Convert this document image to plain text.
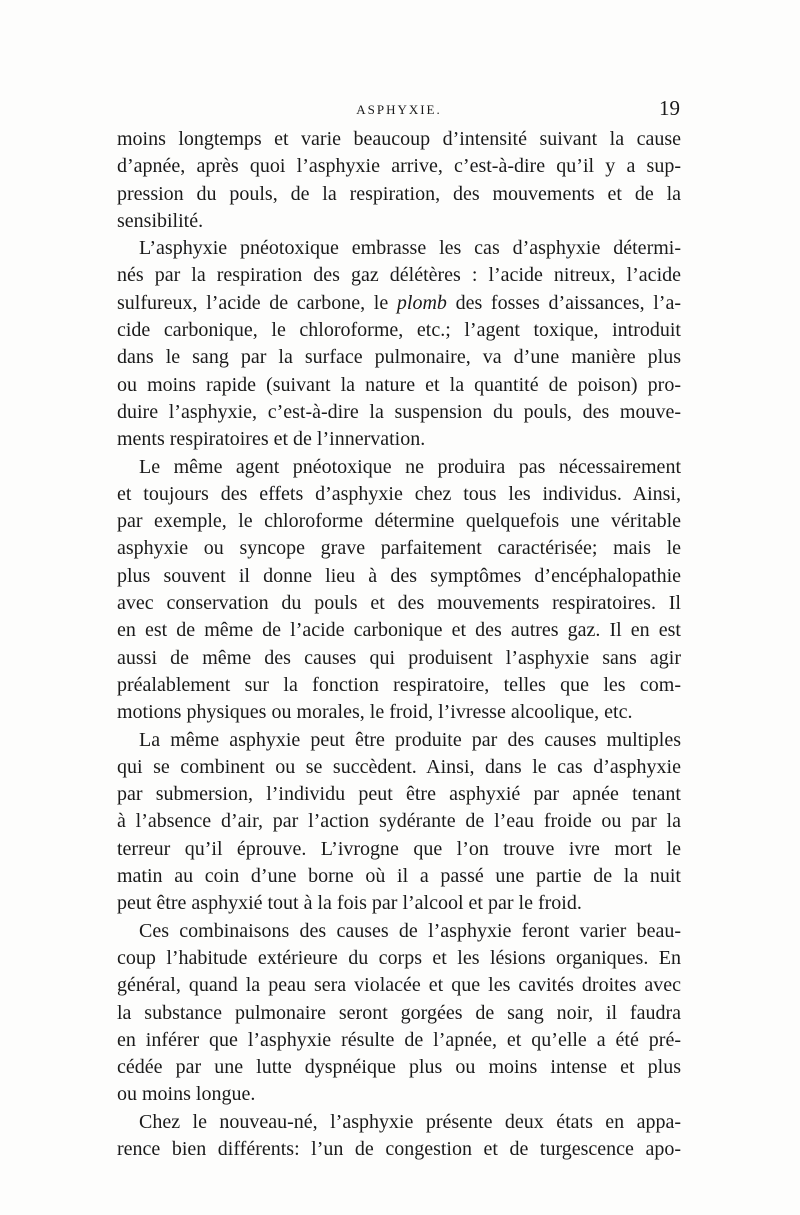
ASPHYXIE.	19
moins longtemps et varie beaucoup d’intensité suivant la cause
d’apnée, après quoi l’asphyxie arrive, c’est-à-dire qu’il y a sup-
pression du pouls, de la respiration, des mouvements et de la
sensibilité.
L’asphyxie pnéotoxique embrasse les cas d’asphyxie détermi-
nés par la respiration des gaz délétères : l’acide nitreux, l’acide
sulfureux, l’acide de carbone, le plomb des fosses d’aissances, l’a-
cide carbonique, le chloroforme, etc.; l’agent toxique, introduit
dans le sang par la surface pulmonaire, va d’une manière plus
ou moins rapide (suivant la nature et la quantité de poison) pro-
duire l’asphyxie, c’est-à-dire la suspension du pouls, des mouve-
ments respiratoires et de l’innervation.
Le même agent pnéotoxique ne produira pas nécessairement
et toujours des effets d’asphyxie chez tous les individus. Ainsi,
par exemple, le chloroforme détermine quelquefois une véritable
asphyxie ou syncope grave parfaitement caractérisée; mais le
plus souvent il donne lieu à des symptômes d’encéphalopathie
avec conservation du pouls et des mouvements respiratoires. Il
en est de même de l’acide carbonique et des autres gaz. Il en est
aussi de même des causes qui produisent l’asphyxie sans agir
préalablement sur la fonction respiratoire, telles que les com-
motions physiques ou morales, le froid, l’ivresse alcoolique, etc.
La même asphyxie peut être produite par des causes multiples
qui se combinent ou se succèdent. Ainsi, dans le cas d’asphyxie
par submersion, l’individu peut être asphyxié par apnée tenant
à l’absence d’air, par l’action sydérante de l’eau froide ou par la
terreur qu’il éprouve. L’ivrogne que l’on trouve ivre mort le
matin au coin d’une borne où il a passé une partie de la nuit
peut être asphyxié tout à la fois par l’alcool et par le froid.
Ces combinaisons des causes de l’asphyxie feront varier beau-
coup l’habitude extérieure du corps et les lésions organiques. En
général, quand la peau sera violacée et que les cavités droites avec
la substance pulmonaire seront gorgées de sang noir, il faudra
en inférer que l’asphyxie résulte de l’apnée, et qu’elle a été pré-
cédée par une lutte dyspnéique plus ou moins intense et plus
ou moins longue.
Chez le nouveau-né, l’asphyxie présente deux états en appa-
rence bien différents: l’un de congestion et de turgescence apo-
